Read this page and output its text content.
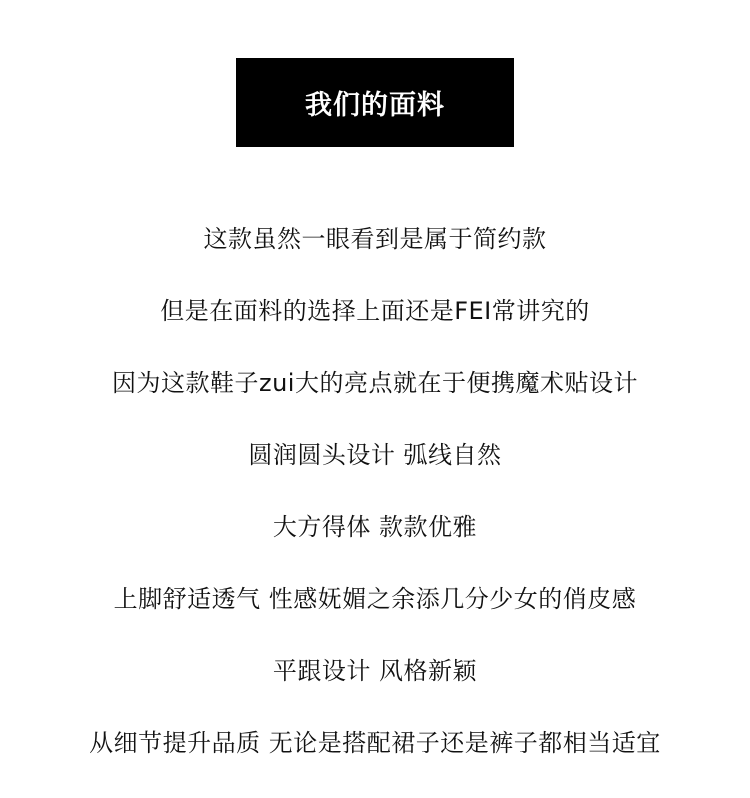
我们的面料
这款虽然一眼看到是属于简约款
但是在面料的选择上面还是FEI常讲究的
因为这款鞋子zui大的亮点就在于便携魔术贴设计
圆润圆头设计 弧线自然
大方得体 款款优雅
上脚舒适透气 性感妩媚之余添几分少女的俏皮感
平跟设计 风格新颖
从细节提升品质 无论是搭配裙子还是裤子都相当适宜
